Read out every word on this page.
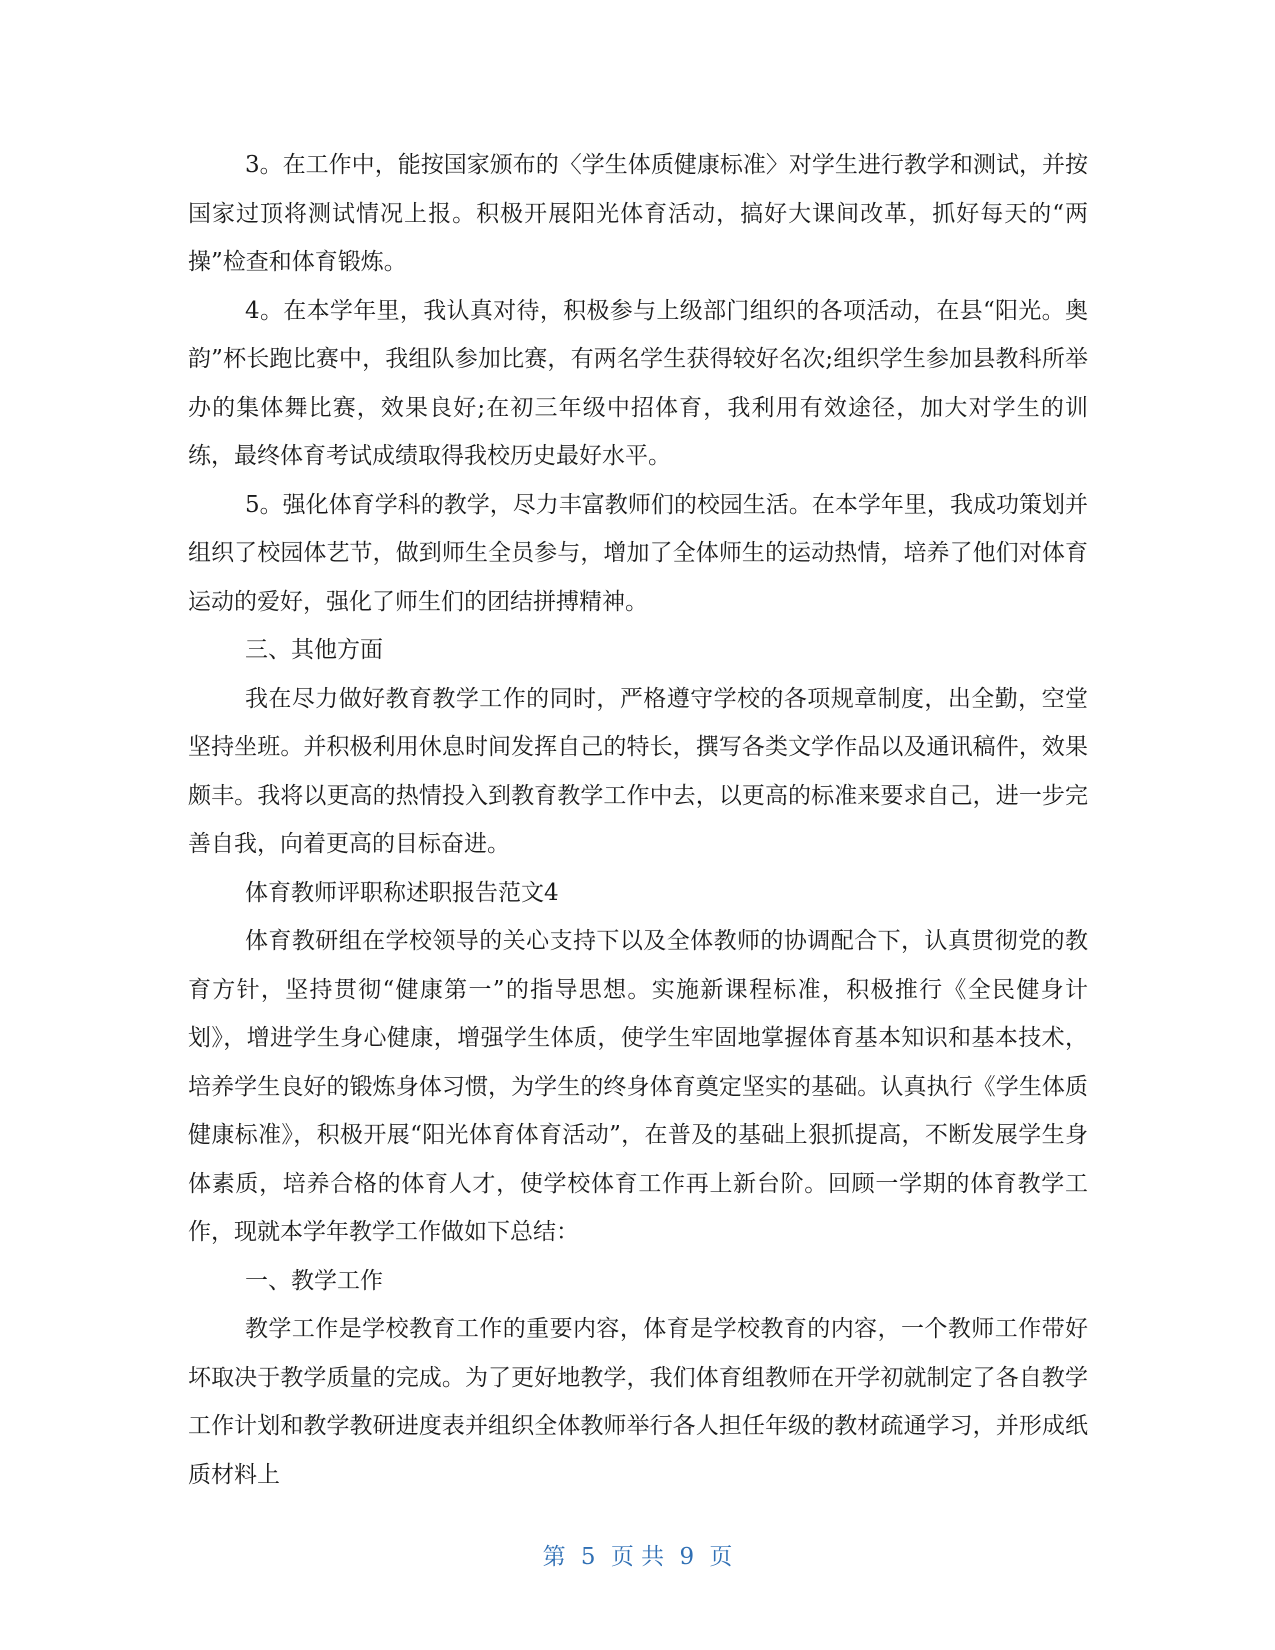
3。在工作中，能按国家颁布的〈学生体质健康标准〉对学生进行教学和测试，并按国家过顶将测试情况上报。积极开展阳光体育活动，搞好大课间改革，抓好每天的“两操”检查和体育锻炼。

4。在本学年里，我认真对待，积极参与上级部门组织的各项活动，在县“阳光。奥韵”杯长跑比赛中，我组队参加比赛，有两名学生获得较好名次;组织学生参加县教科所举办的集体舞比赛，效果良好;在初三年级中招体育，我利用有效途径，加大对学生的训练，最终体育考试成绩取得我校历史最好水平。

5。强化体育学科的教学，尽力丰富教师们的校园生活。在本学年里，我成功策划并组织了校园体艺节，做到师生全员参与，增加了全体师生的运动热情，培养了他们对体育运动的爱好，强化了师生们的团结拼搏精神。

三、其他方面

我在尽力做好教育教学工作的同时，严格遵守学校的各项规章制度，出全勤，空堂坚持坐班。并积极利用休息时间发挥自己的特长，撰写各类文学作品以及通讯稿件，效果颇丰。我将以更高的热情投入到教育教学工作中去，以更高的标准来要求自己，进一步完善自我，向着更高的目标奋进。

体育教师评职称述职报告范文4

体育教研组在学校领导的关心支持下以及全体教师的协调配合下，认真贯彻党的教育方针，坚持贯彻“健康第一”的指导思想。实施新课程标准，积极推行《全民健身计划》，增进学生身心健康，增强学生体质，使学生牢固地掌握体育基本知识和基本技术，培养学生良好的锻炼身体习惯，为学生的终身体育奠定坚实的基础。认真执行《学生体质健康标准》，积极开展“阳光体育体育活动”，在普及的基础上狠抓提高，不断发展学生身体素质，培养合格的体育人才，使学校体育工作再上新台阶。回顾一学期的体育教学工作，现就本学年教学工作做如下总结：

一、教学工作

教学工作是学校教育工作的重要内容，体育是学校教育的内容，一个教师工作带好坏取决于教学质量的完成。为了更好地教学，我们体育组教师在开学初就制定了各自教学工作计划和教学教研进度表并组织全体教师举行各人担任年级的教材疏通学习，并形成纸质材料上

第 5 页 共 9 页
